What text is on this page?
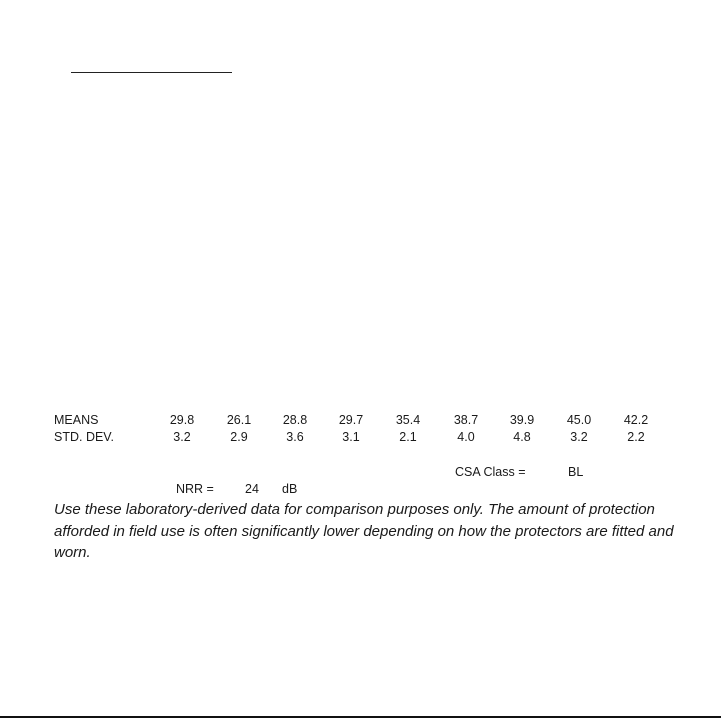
MEANS	29.8	26.1	28.8	29.7	35.4	38.7	39.9	45.0	42.2
STD. DEV.	3.2	2.9	3.6	3.1	2.1	4.0	4.8	3.2	2.2
CSA Class =	BL
NRR = 24 dB
Use these laboratory-derived data for comparison purposes only. The amount of protection afforded in field use is often significantly lower depending on how the protectors are fitted and worn.
